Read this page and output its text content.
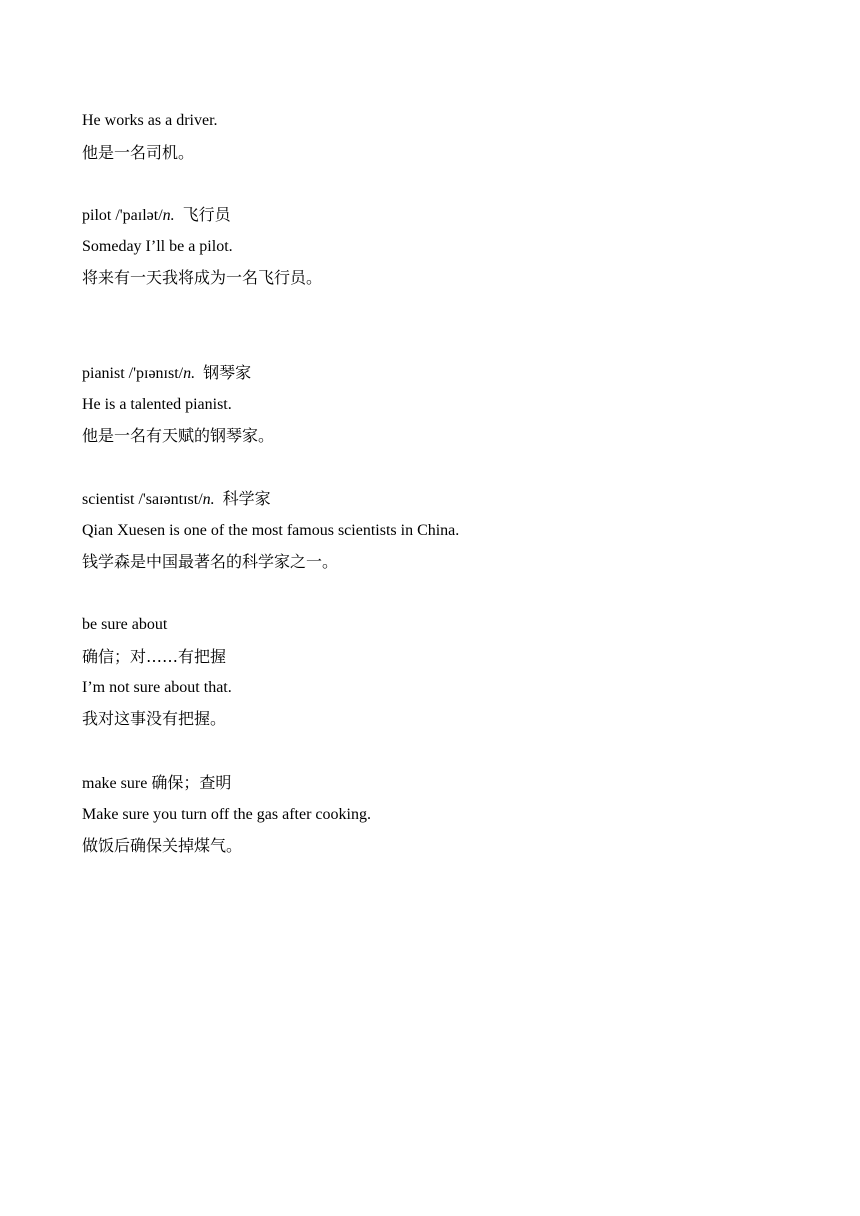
He works as a driver.
他是一名司机。
pilot /'paɪlət/n. 飞行员
Someday I’ll be a pilot.
将来有一天我将成为一名飞行员。
pianist /'pɪənɪst/n. 钢琴家
He is a talented pianist.
他是一名有天赋的钢琴家。
scientist /'saɪəntɪst/n. 科学家
Qian Xuesen is one of the most famous scientists in China.
钱学森是中国最著名的科学家之一。
be sure about
确信；对……有把握
I’m not sure about that.
我对这事没有把握。
make sure 确保；查明
Make sure you turn off the gas after cooking.
做饭后确保关掉煤气。
